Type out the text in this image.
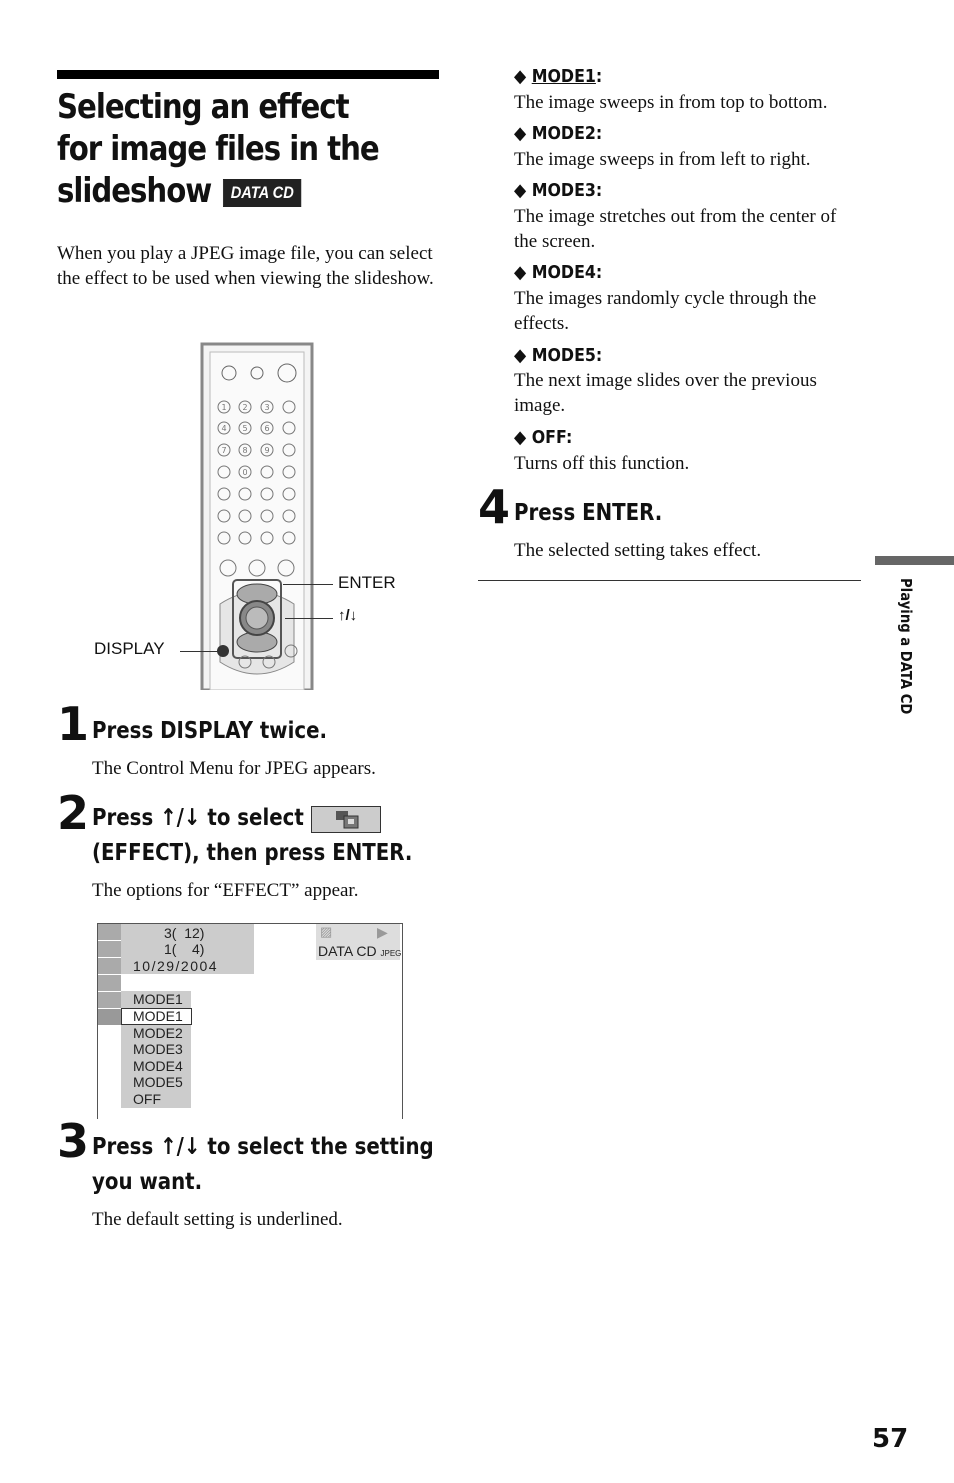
Selecting an effect for image files in the slideshow DATA CD
When you play a JPEG image file, you can select the effect to be used when viewing the slideshow.
1 2 3
4 5 6
7 8 9
0
ENTER
↑/↓
DISPLAY
1 Press DISPLAY twice.
The Control Menu for JPEG appears.
2 Press ↑/↓ to select
(EFFECT), then press ENTER.
The options for “EFFECT” appear.
3(  12)
1(    4)
10/29/2004
▶
▨
DATA CD JPEG
MODE1
MODE1
MODE2
MODE3
MODE4
MODE5
OFF
3 Press ↑/↓ to select the setting
you want.
The default setting is underlined.
◆ MODE1:
The image sweeps in from top to bottom.
◆ MODE2:
The image sweeps in from left to right.
◆ MODE3:
The image stretches out from the center of the screen.
◆ MODE4:
The images randomly cycle through the effects.
◆ MODE5:
The next image slides over the previous image.
◆ OFF:
Turns off this function.
4 Press ENTER.
The selected setting takes effect.
Playing a DATA CD
57
